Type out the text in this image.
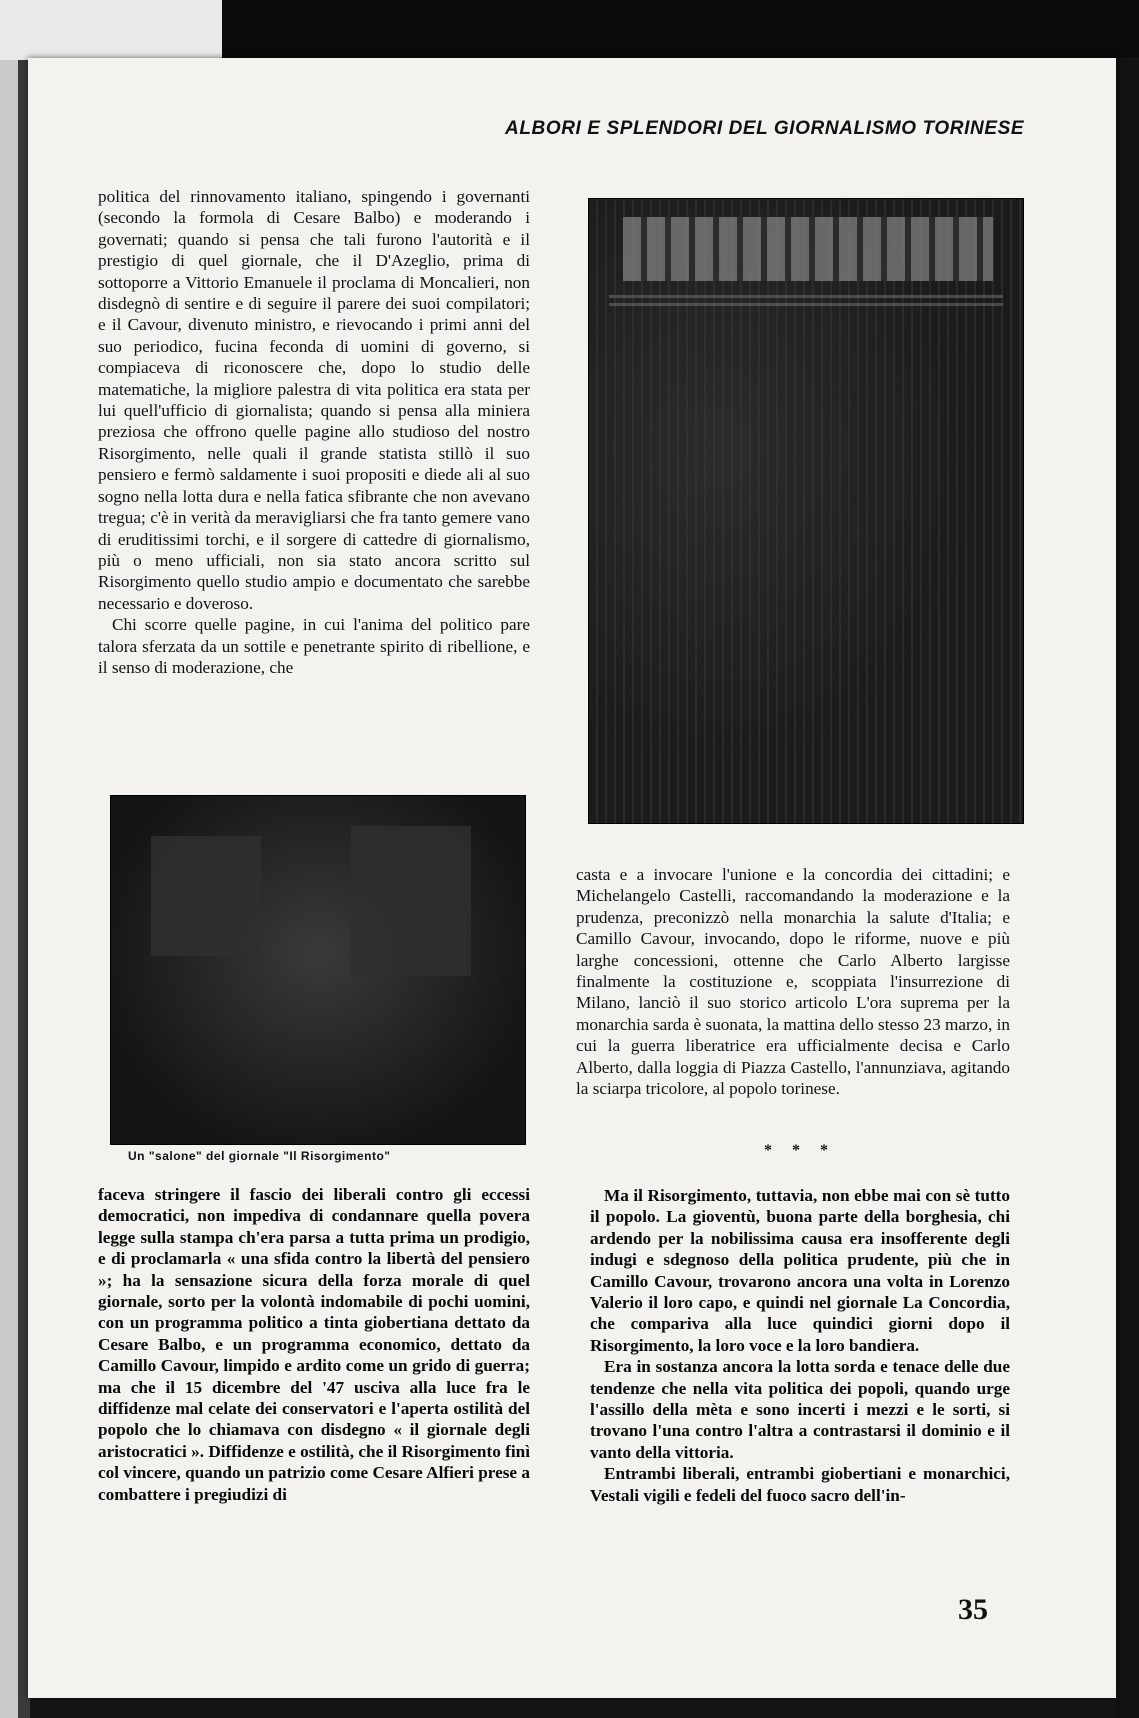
ALBORI E SPLENDORI DEL GIORNALISMO TORINESE

politica del rinnovamento italiano, spingendo i governanti (secondo la formola di Cesare Balbo) e moderando i governati; quando si pensa che tali furono l'autorità e il prestigio di quel giornale, che il D'Azeglio, prima di sottoporre a Vittorio Emanuele il proclama di Moncalieri, non disdegnò di sentire e di seguire il parere dei suoi compilatori; e il Cavour, divenuto ministro, e rievocando i primi anni del suo periodico, fucina feconda di uomini di governo, si compiaceva di riconoscere che, dopo lo studio delle matematiche, la migliore palestra di vita politica era stata per lui quell'ufficio di giornalista; quando si pensa alla miniera preziosa che offrono quelle pagine allo studioso del nostro Risorgimento, nelle quali il grande statista stillò il suo pensiero e fermò saldamente i suoi propositi e diede ali al suo sogno nella lotta dura e nella fatica sfibrante che non avevano tregua; c'è in verità da meravigliarsi che fra tanto gemere vano di eruditissimi torchi, e il sorgere di cattedre di giornalismo, più o meno ufficiali, non sia stato ancora scritto sul Risorgimento quello studio ampio e documentato che sarebbe necessario e doveroso.

Chi scorre quelle pagine, in cui l'anima del politico pare talora sferzata da un sottile e penetrante spirito di ribellione, e il senso di moderazione, che

Un "salone" del giornale "Il Risorgimento"

casta e a invocare l'unione e la concordia dei cittadini; e Michelangelo Castelli, raccomandando la moderazione e la prudenza, preconizzò nella monarchia la salute d'Italia; e Camillo Cavour, invocando, dopo le riforme, nuove e più larghe concessioni, ottenne che Carlo Alberto largisse finalmente la costituzione e, scoppiata l'insurrezione di Milano, lanciò il suo storico articolo L'ora suprema per la monarchia sarda è suonata, la mattina dello stesso 23 marzo, in cui la guerra liberatrice era ufficialmente decisa e Carlo Alberto, dalla loggia di Piazza Castello, l'annunziava, agitando la sciarpa tricolore, al popolo torinese.

* * *

faceva stringere il fascio dei liberali contro gli eccessi democratici, non impediva di condannare quella povera legge sulla stampa ch'era parsa a tutta prima un prodigio, e di proclamarla « una sfida contro la libertà del pensiero »; ha la sensazione sicura della forza morale di quel giornale, sorto per la volontà indomabile di pochi uomini, con un programma politico a tinta giobertiana dettato da Cesare Balbo, e un programma economico, dettato da Camillo Cavour, limpido e ardito come un grido di guerra; ma che il 15 dicembre del '47 usciva alla luce fra le diffidenze mal celate dei conservatori e l'aperta ostilità del popolo che lo chiamava con disdegno « il giornale degli aristocratici ». Diffidenze e ostilità, che il Risorgimento finì col vincere, quando un patrizio come Cesare Alfieri prese a combattere i pregiudizi di

Ma il Risorgimento, tuttavia, non ebbe mai con sè tutto il popolo. La gioventù, buona parte della borghesia, chi ardendo per la nobilissima causa era insofferente degli indugi e sdegnoso della politica prudente, più che in Camillo Cavour, trovarono ancora una volta in Lorenzo Valerio il loro capo, e quindi nel giornale La Concordia, che compariva alla luce quindici giorni dopo il Risorgimento, la loro voce e la loro bandiera.

Era in sostanza ancora la lotta sorda e tenace delle due tendenze che nella vita politica dei popoli, quando urge l'assillo della mèta e sono incerti i mezzi e le sorti, si trovano l'una contro l'altra a contrastarsi il dominio e il vanto della vittoria.

Entrambi liberali, entrambi giobertiani e monarchici, Vestali vigili e fedeli del fuoco sacro dell'in-

35
